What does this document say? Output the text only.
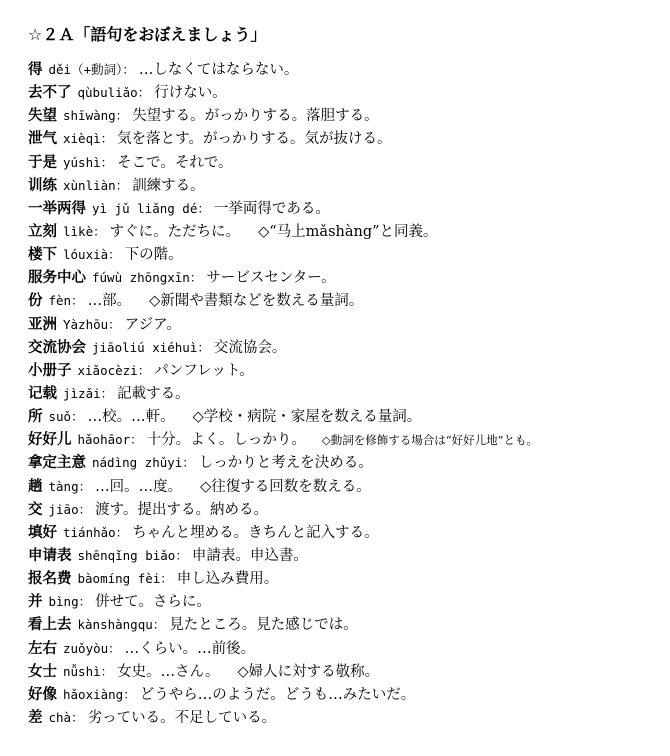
☆２Ａ「語句をおぼえましょう」
得 děi（+動詞）： …しなくてはならない。
去不了 qùbuliǎo： 行けない。
失望 shīwàng： 失望する。がっかりする。落胆する。
泄气 xièqì： 気を落とす。がっかりする。気が抜ける。
于是 yúshì： そこで。それで。
训练 xùnliàn： 訓練する。
一举两得 yì jǔ liǎng dé： 一挙両得である。
立刻 lìkè： すぐに。ただちに。 ◇“马上mǎshàng”と同義。
楼下 lóuxià： 下の階。
服务中心 fúwù zhōngxīn： サービスセンター。
份 fèn： …部。 ◇新聞や書類などを数える量詞。
亚洲 Yàzhōu： アジア。
交流协会 jiāoliú xiéhuì： 交流協会。
小册子 xiǎocèzi： パンフレット。
记载 jìzǎi： 記載する。
所 suǒ： …校。…軒。 ◇学校・病院・家屋を数える量詞。
好好儿 hǎohāor： 十分。よく。しっかり。 ◇動詞を修飾する場合は“好好儿地”とも。
拿定主意 nádìng zhǔyi： しっかりと考えを決める。
趟 tàng： …回。…度。 ◇往復する回数を数える。
交 jiāo： 渡す。提出する。納める。
填好 tiánhǎo： ちゃんと埋める。きちんと記入する。
申请表 shēnqǐng biǎo： 申請表。申込書。
报名费 bàomíng fèi： 申し込み費用。
并 bìng： 併せて。さらに。
看上去 kànshàngqu： 見たところ。見た感じでは。
左右 zuǒyòu： …くらい。…前後。
女士 nǚshì： 女史。…さん。 ◇婦人に対する敬称。
好像 hǎoxiàng： どうやら…のようだ。どうも…みたいだ。
差 chà： 劣っている。不足している。
